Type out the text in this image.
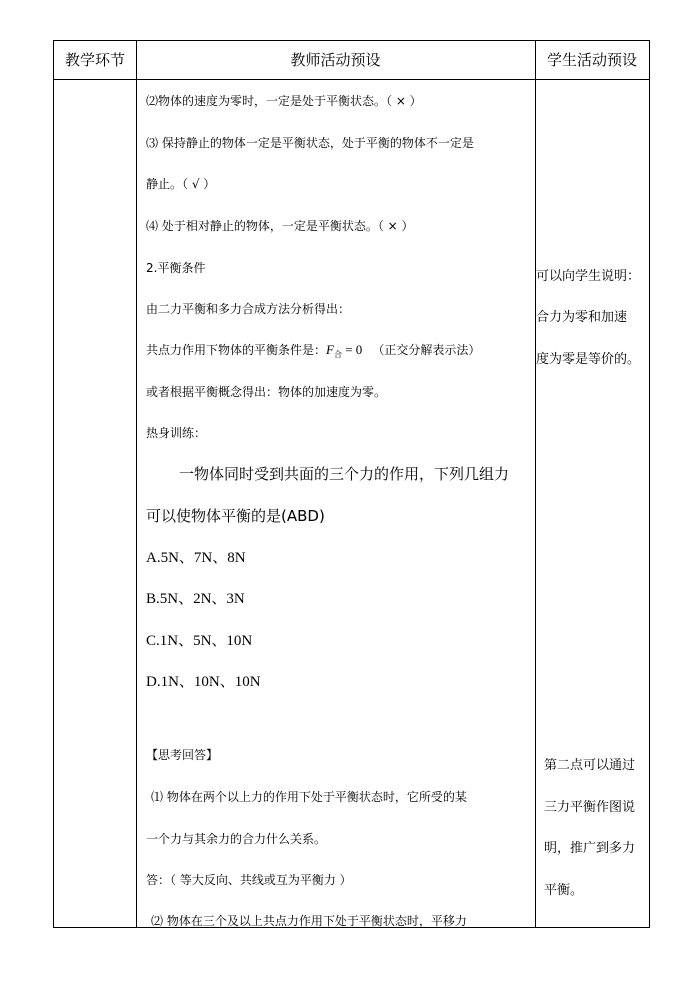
教学环节	教师活动预设	学生活动预设
⑵物体的速度为零时，一定是处于平衡状态。（ × ）
⑶ 保持静止的物体一定是平衡状态，处于平衡的物体不一定是
静止。（ √ ）
⑷ 处于相对静止的物体，一定是平衡状态。（ × ）
2.平衡条件
由二力平衡和多力合成方法分析得出：
共点力作用下物体的平衡条件是：$F_合 = 0$ （正交分解表示法）
或者根据平衡概念得出：物体的加速度为零。
热身训练：
一物体同时受到共面的三个力的作用，下列几组力
可以使物体平衡的是(ABD)
A.5N、7N、8N
B.5N、2N、3N
C.1N、5N、10N
D.1N、10N、10N
【思考回答】
⑴ 物体在两个以上力的作用下处于平衡状态时，它所受的某
一个力与其余力的合力什么关系。
答：（ 等大反向、共线或互为平衡力 ）
⑵ 物体在三个及以上共点力作用下处于平衡状态时，平移力
可以向学生说明：
合力为零和加速
度为零是等价的。
第二点可以通过
三力平衡作图说
明，推广到多力
平衡。
